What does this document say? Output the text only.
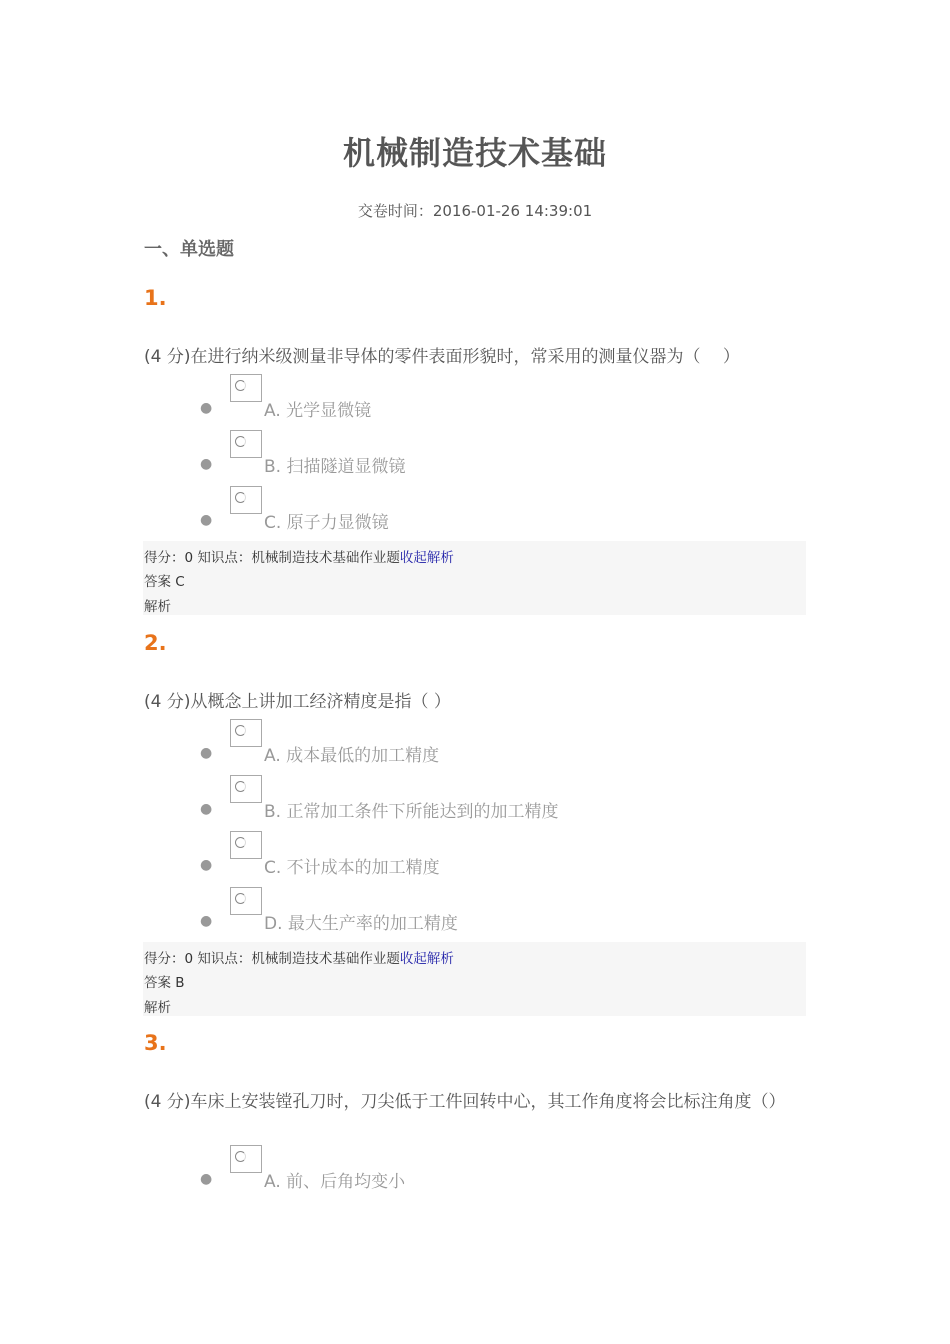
机械制造技术基础
交卷时间：2016-01-26 14:39:01
一、单选题
1.
(4 分)在进行纳米级测量非导体的零件表面形貌时，常采用的测量仪器为（　 ）
●	A. 光学显微镜
●	B. 扫描隧道显微镜
●	C. 原子力显微镜
得分：0 知识点：机械制造技术基础作业题收起解析
答案 C
解析
2.
(4 分)从概念上讲加工经济精度是指（ ）
●	A. 成本最低的加工精度
●	B. 正常加工条件下所能达到的加工精度
●	C. 不计成本的加工精度
●	D. 最大生产率的加工精度
得分：0 知识点：机械制造技术基础作业题收起解析
答案 B
解析
3.
(4 分)车床上安装镗孔刀时，刀尖低于工件回转中心，其工作角度将会比标注角度（）
●	A. 前、后角均变小
